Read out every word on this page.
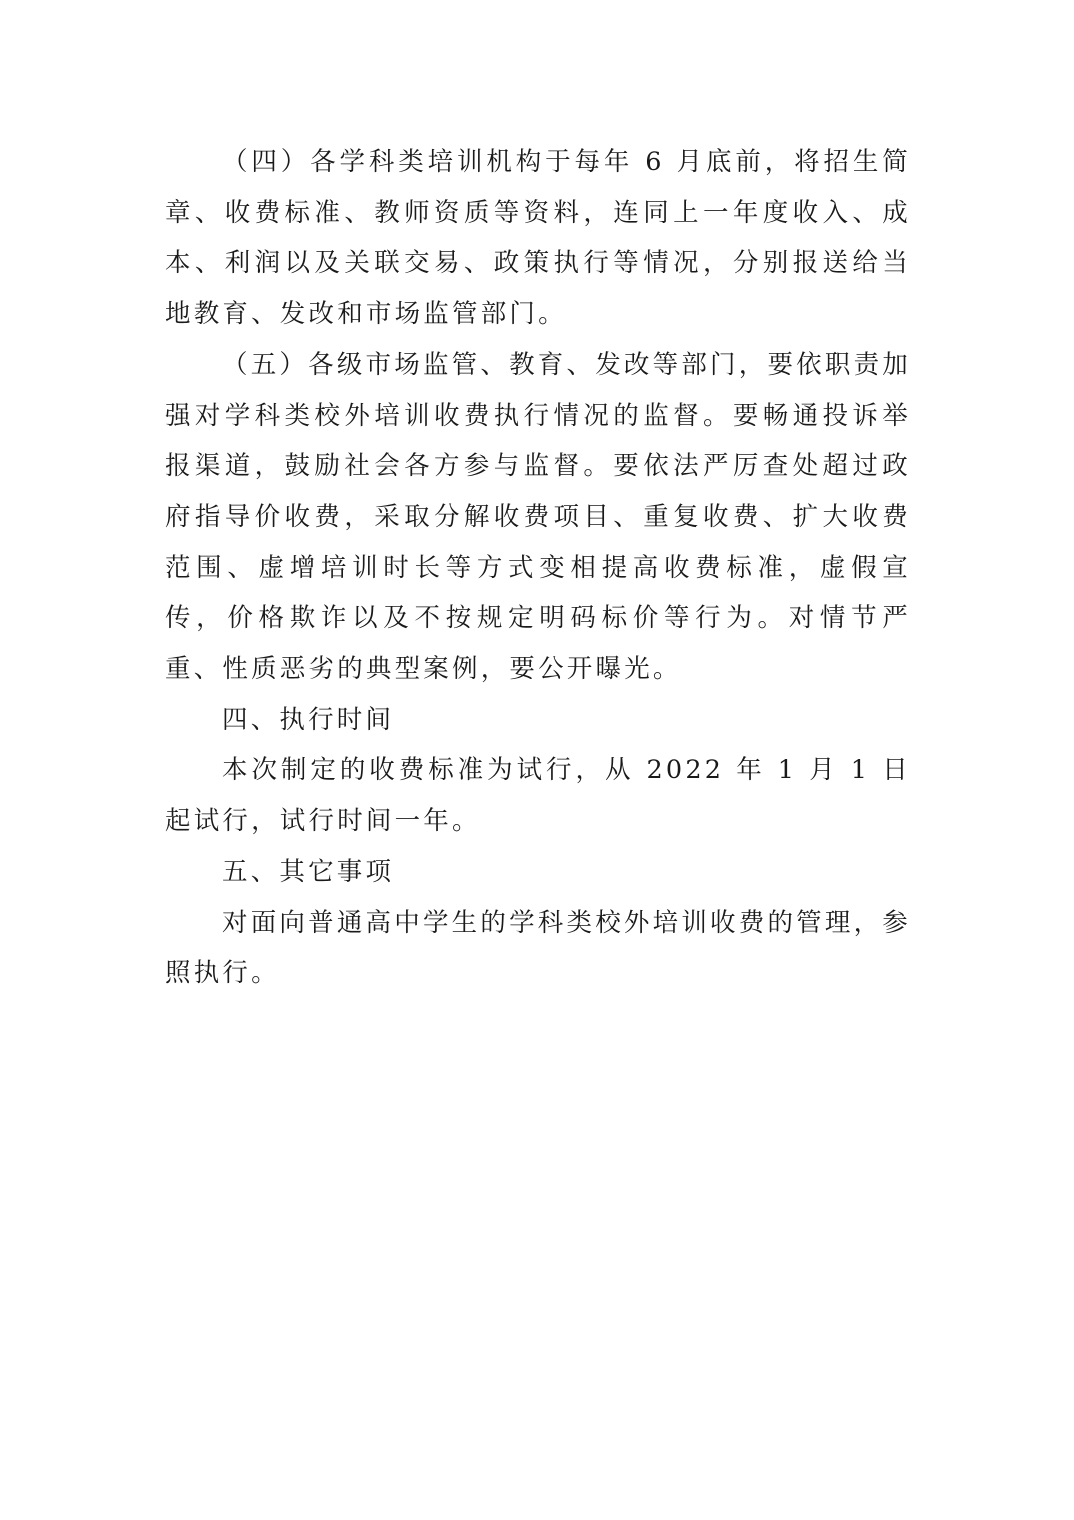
（四）各学科类培训机构于每年 6 月底前，将招生简章、收费标准、教师资质等资料，连同上一年度收入、成本、利润以及关联交易、政策执行等情况，分别报送给当地教育、发改和市场监管部门。

（五）各级市场监管、教育、发改等部门，要依职责加强对学科类校外培训收费执行情况的监督。要畅通投诉举报渠道，鼓励社会各方参与监督。要依法严厉查处超过政府指导价收费，采取分解收费项目、重复收费、扩大收费范围、虚增培训时长等方式变相提高收费标准，虚假宣传，价格欺诈以及不按规定明码标价等行为。对情节严重、性质恶劣的典型案例，要公开曝光。

四、执行时间

本次制定的收费标准为试行，从 2022 年 1 月 1 日起试行，试行时间一年。

五、其它事项

对面向普通高中学生的学科类校外培训收费的管理，参照执行。
